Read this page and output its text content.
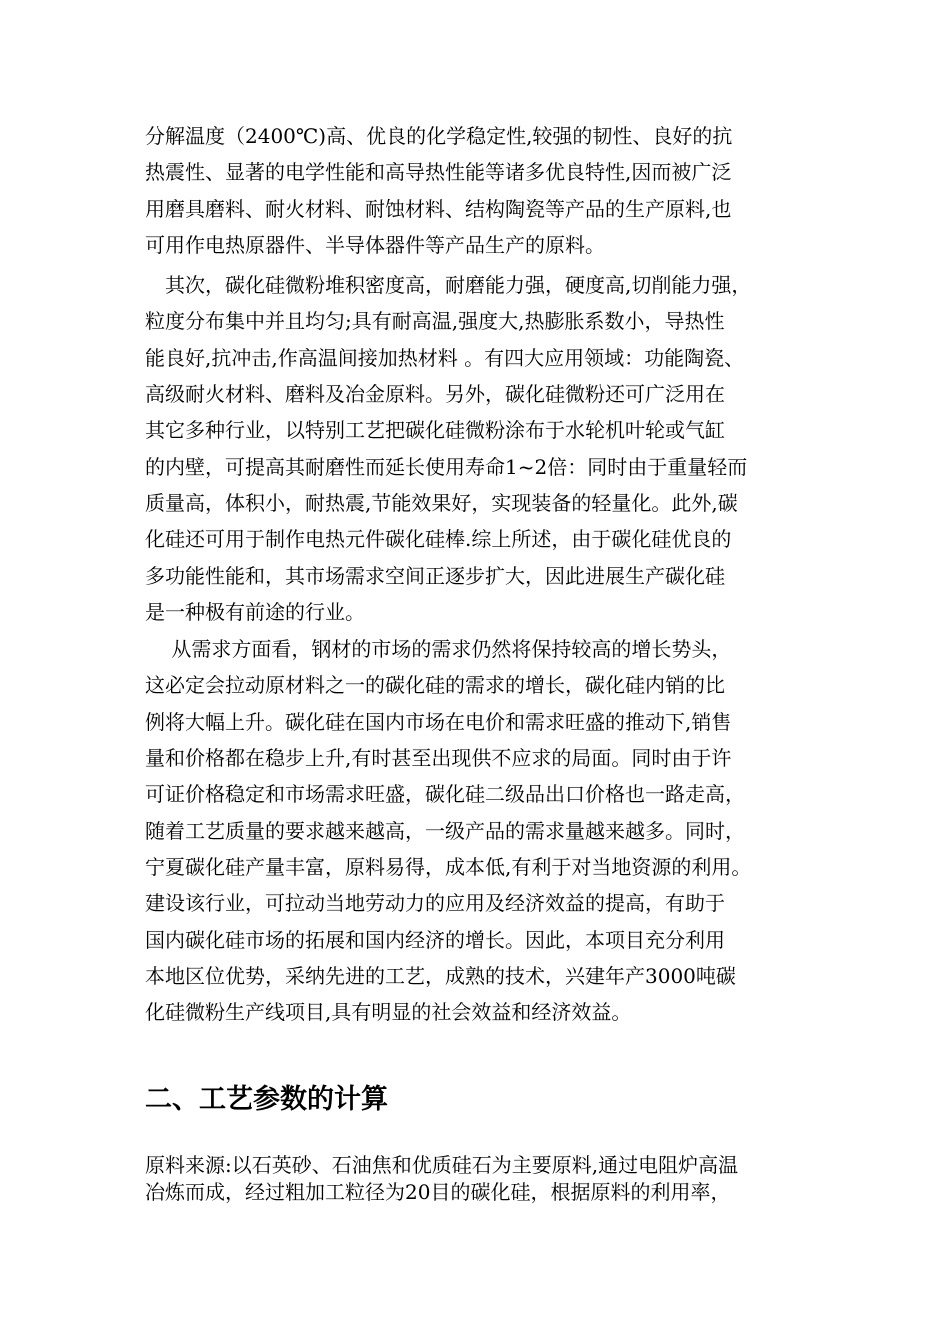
分解温度（2400℃)高、优良的化学稳定性,较强的韧性、良好的抗
热震性、显著的电学性能和高导热性能等诸多优良特性,因而被广泛
用磨具磨料、耐火材料、耐蚀材料、结构陶瓷等产品的生产原料,也
可用作电热原器件、半导体器件等产品生产的原料。
　其次，碳化硅微粉堆积密度高，耐磨能力强，硬度高,切削能力强，
粒度分布集中并且均匀;具有耐高温,强度大,热膨胀系数小，导热性
能良好,抗冲击,作高温间接加热材料 。有四大应用领域：功能陶瓷、
高级耐火材料、磨料及冶金原料。另外，碳化硅微粉还可广泛用在
其它多种行业，以特别工艺把碳化硅微粉涂布于水轮机叶轮或气缸
的内壁，可提高其耐磨性而延长使用寿命1~2倍：同时由于重量轻而
质量高，体积小，耐热震,节能效果好，实现装备的轻量化。此外,碳
化硅还可用于制作电热元件碳化硅棒.综上所述，由于碳化硅优良的
多功能性能和，其市场需求空间正逐步扩大，因此进展生产碳化硅
是一种极有前途的行业。
　 从需求方面看，钢材的市场的需求仍然将保持较高的增长势头，
这必定会拉动原材料之一的碳化硅的需求的增长，碳化硅内销的比
例将大幅上升。碳化硅在国内市场在电价和需求旺盛的推动下,销售
量和价格都在稳步上升,有时甚至出现供不应求的局面。同时由于许
可证价格稳定和市场需求旺盛，碳化硅二级品出口价格也一路走高，
随着工艺质量的要求越来越高，一级产品的需求量越来越多。同时，
宁夏碳化硅产量丰富，原料易得，成本低,有利于对当地资源的利用。
建设该行业，可拉动当地劳动力的应用及经济效益的提高，有助于
国内碳化硅市场的拓展和国内经济的增长。因此，本项目充分利用
本地区位优势，采纳先进的工艺，成熟的技术，兴建年产3000吨碳
化硅微粉生产线项目,具有明显的社会效益和经济效益。
二、工艺参数的计算
原料来源:以石英砂、石油焦和优质硅石为主要原料,通过电阻炉高温
冶炼而成，经过粗加工粒径为20目的碳化硅，根据原料的利用率，
